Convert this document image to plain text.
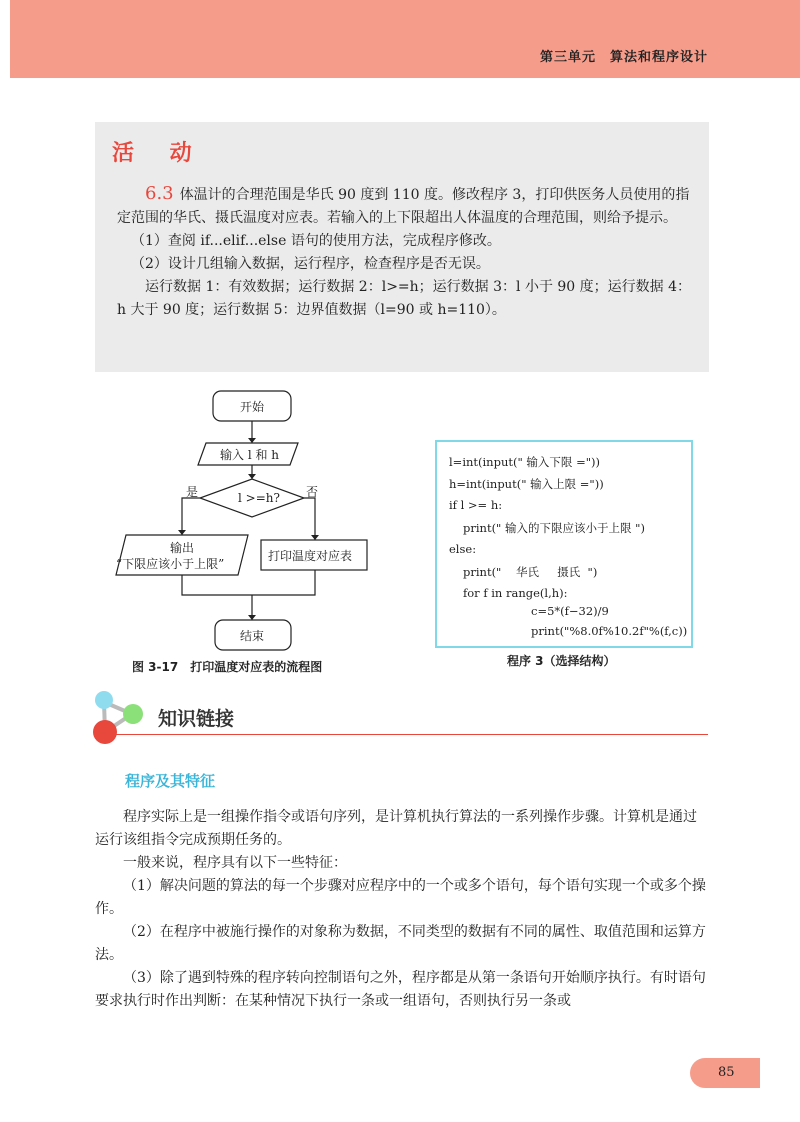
第三单元　算法和程序设计
活 动

6.3 体温计的合理范围是华氏 90 度到 110 度。修改程序 3，打印供医务人员使用的指定范围的华氏、摄氏温度对应表。若输入的上下限超出人体温度的合理范围，则给予提示。

（1）查阅 if...elif...else 语句的使用方法，完成程序修改。

（2）设计几组输入数据，运行程序，检查程序是否无误。

运行数据 1：有效数据；运行数据 2：l>=h；运行数据 3：l 小于 90 度；运行数据 4：h 大于 90 度；运行数据 5：边界值数据（l=90 或 h=110）。

开始
输入 l 和 h
l >=h?
是	否
输出
“下限应该小于上限”
打印温度对应表
结束
图 3-17　打印温度对应表的流程图
l=int(input(" 输入下限 ="))
h=int(input(" 输入上限 ="))
if l >= h:
print(" 输入的下限应该小于上限 ")
else:
print("    华氏     摄氏  ")
for f in range(l,h):
c=5*(f−32)/9
print("%8.0f%10.2f"%(f,c))
程序 3（选择结构）
知识链接
程序及其特征

程序实际上是一组操作指令或语句序列，是计算机执行算法的一系列操作步骤。计算机是通过运行该组指令完成预期任务的。

一般来说，程序具有以下一些特征：

（1）解决问题的算法的每一个步骤对应程序中的一个或多个语句，每个语句实现一个或多个操作。

（2）在程序中被施行操作的对象称为数据，不同类型的数据有不同的属性、取值范围和运算方法。

（3）除了遇到特殊的程序转向控制语句之外，程序都是从第一条语句开始顺序执行。有时语句要求执行时作出判断：在某种情况下执行一条或一组语句，否则执行另一条或

85
